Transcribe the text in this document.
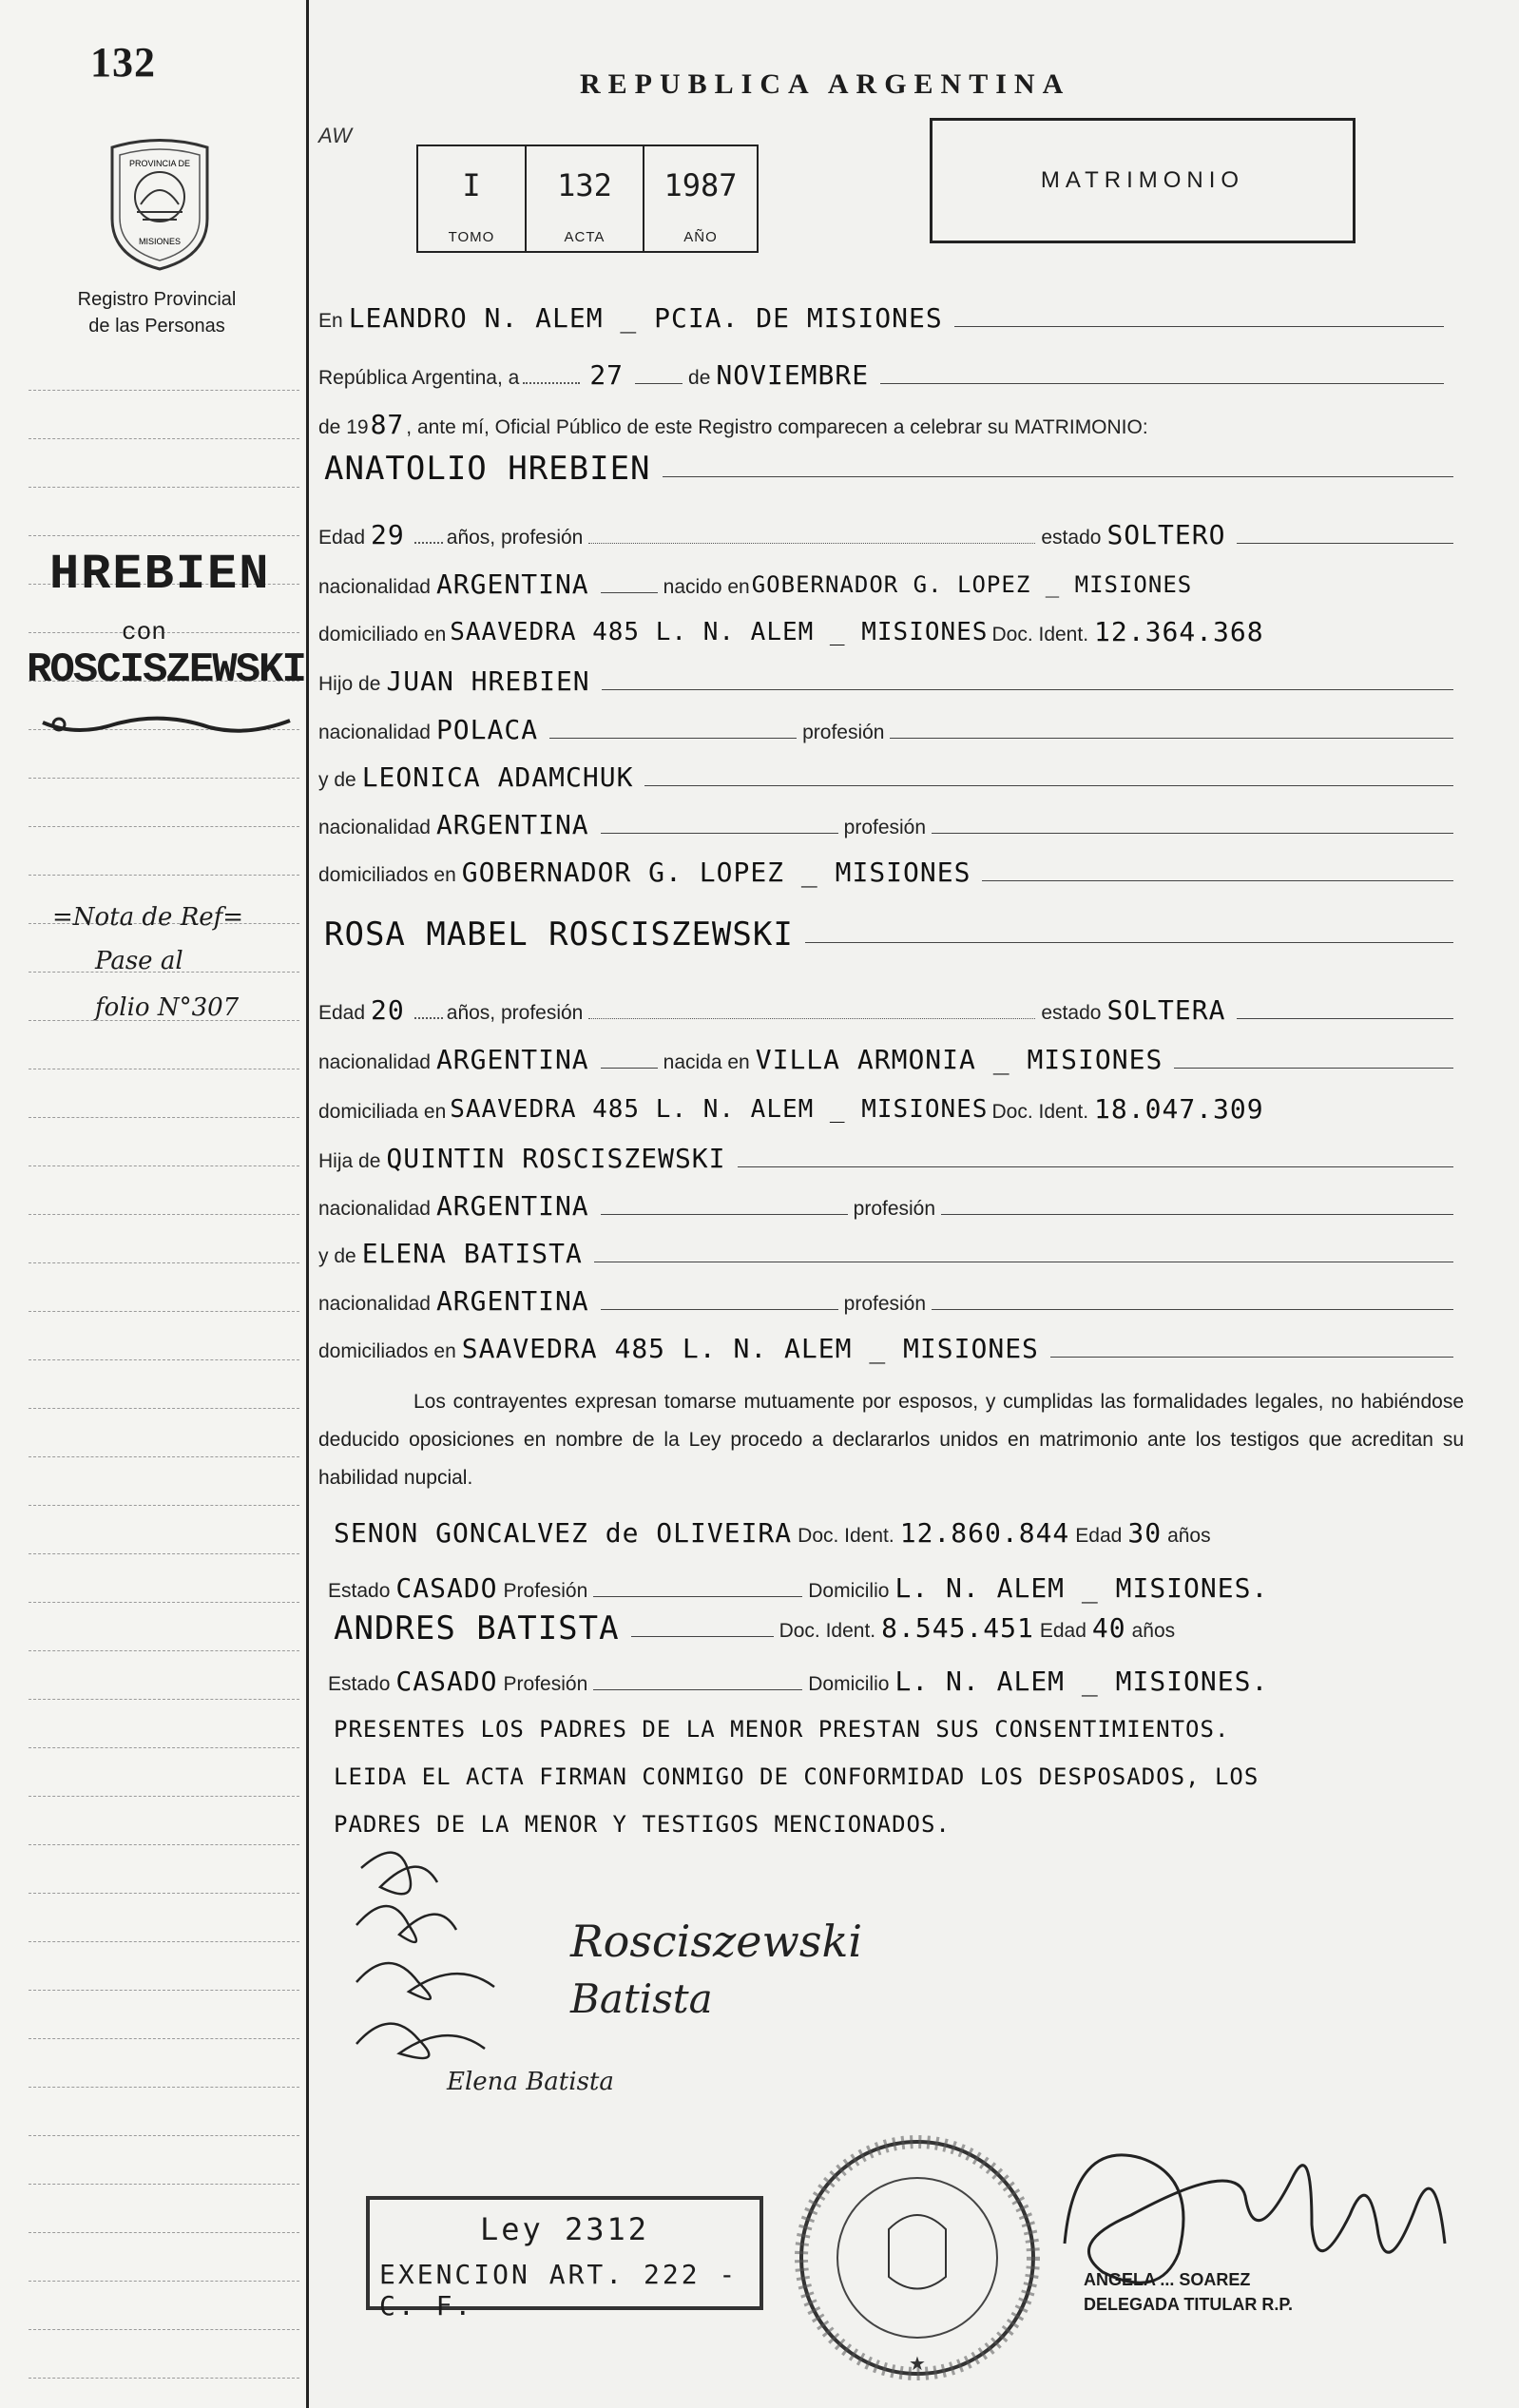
132
PROVINCIA DE
MISIONES
Registro Provincial
de las Personas
HREBIEN
con
ROSCISZEWSKI
=Nota de Ref=
Pase al
folio N°307
REPUBLICA ARGENTINA
AW
I
TOMO
132
ACTA
1987
AÑO
MATRIMONIO
En LEANDRO N. ALEM _ PCIA. DE MISIONES
República Argentina, a	27	de NOVIEMBRE
de 19 87 , ante mí, Oficial Público de este Registro comparecen a celebrar su MATRIMONIO:
ANATOLIO HREBIEN
Edad 29 años, profesión	estado SOLTERO
nacionalidad ARGENTINA	nacido en GOBERNADOR G. LOPEZ _ MISIONES
domiciliado en SAAVEDRA 485 L. N. ALEM _ MISIONES Doc. Ident. 12.364.368
Hijo de JUAN HREBIEN
nacionalidad POLACA	profesión
y de LEONICA ADAMCHUK
nacionalidad ARGENTINA	profesión
domiciliados en GOBERNADOR G. LOPEZ _ MISIONES
ROSA MABEL ROSCISZEWSKI
Edad 20 años, profesión	estado SOLTERA
nacionalidad ARGENTINA	nacida en VILLA ARMONIA _ MISIONES
domiciliada en SAAVEDRA 485 L. N. ALEM _ MISIONES Doc. Ident. 18.047.309
Hija de QUINTIN ROSCISZEWSKI
nacionalidad ARGENTINA	profesión
y de ELENA BATISTA
nacionalidad ARGENTINA	profesión
domiciliados en SAAVEDRA 485 L. N. ALEM _ MISIONES
Los contrayentes expresan tomarse mutuamente por esposos, y cumplidas las formalidades legales, no habiéndose deducido oposiciones en nombre de la Ley procedo a declararlos unidos en matrimonio ante los testigos que acreditan su habilidad nupcial.
SENON GONCALVEZ de OLIVEIRA Doc. Ident. 12.860.844 Edad 30 años
Estado CASADO Profesión	Domicilio L. N. ALEM _ MISIONES.
ANDRES BATISTA	Doc. Ident. 8.545.451 Edad 40 años
Estado CASADO Profesión	Domicilio L. N. ALEM _ MISIONES.
PRESENTES LOS PADRES DE LA MENOR PRESTAN SUS CONSENTIMIENTOS.
LEIDA EL ACTA FIRMAN CONMIGO DE CONFORMIDAD LOS DESPOSADOS, LOS
PADRES DE LA MENOR Y TESTIGOS MENCIONADOS.
Rosciszewski
Batista
Elena Batista
Ley 2312
EXENCION ART. 222 - C. F.
★
ANGELA ... SOAREZ
DELEGADA TITULAR R.P.
